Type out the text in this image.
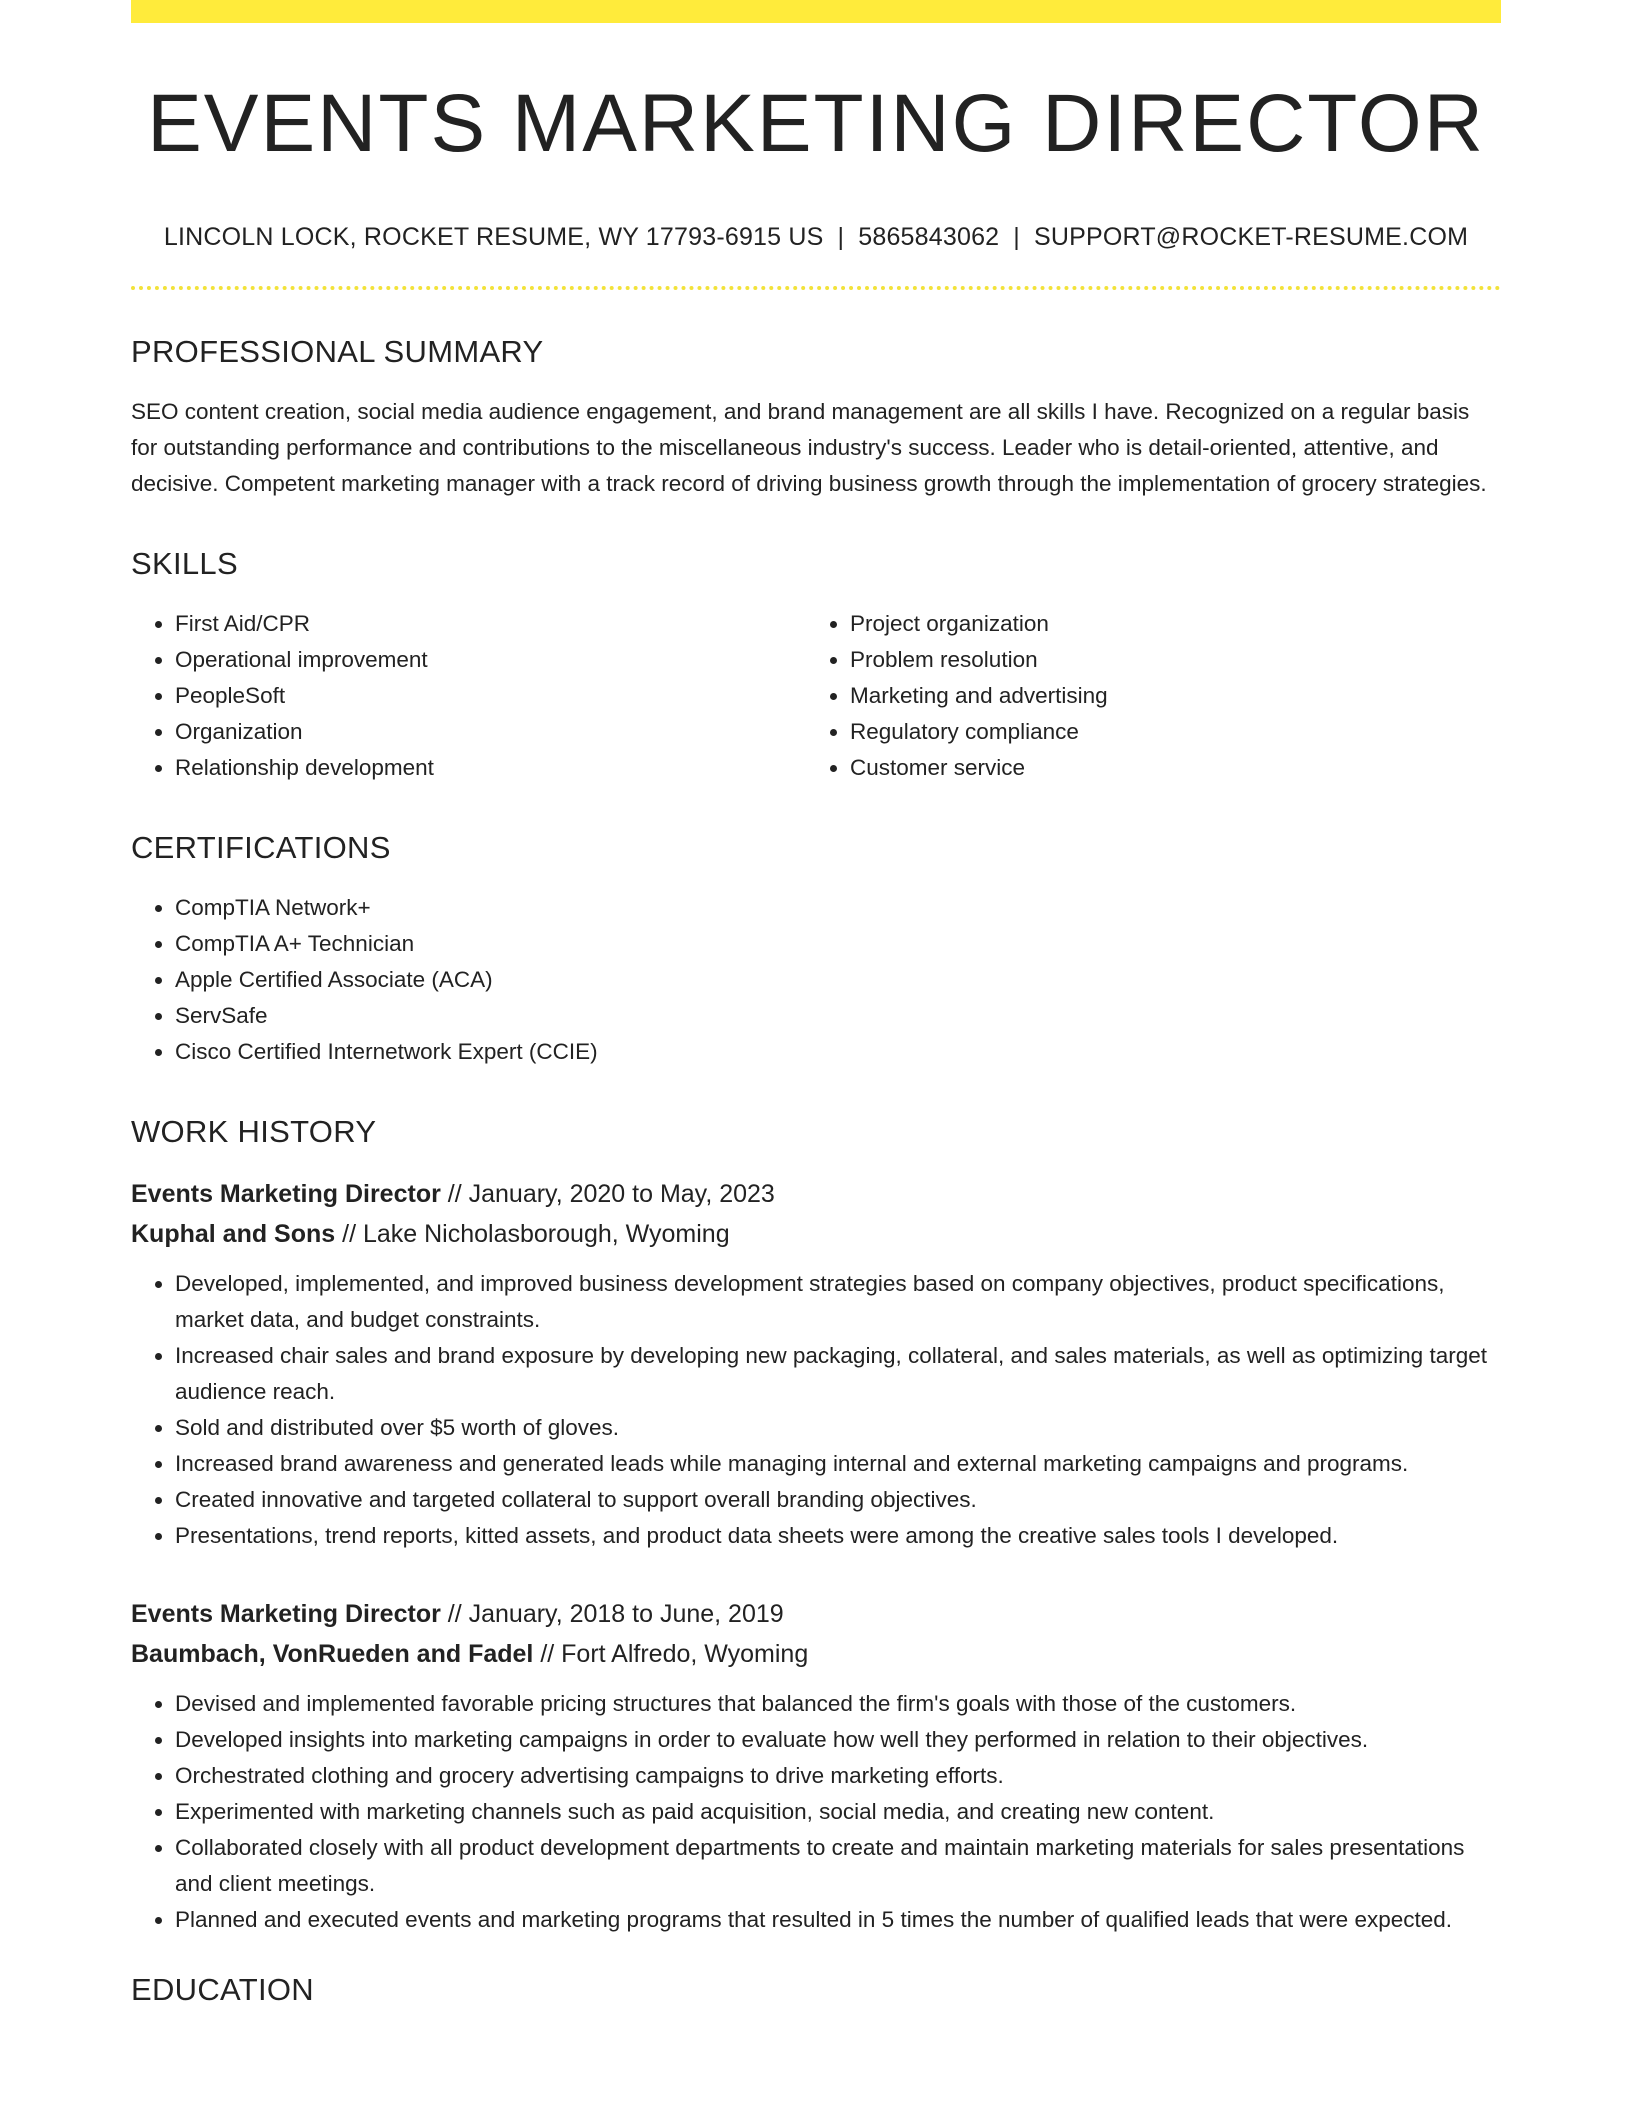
EVENTS MARKETING DIRECTOR
LINCOLN LOCK, ROCKET RESUME, WY 17793-6915 US | 5865843062 | SUPPORT@ROCKET-RESUME.COM
PROFESSIONAL SUMMARY
SEO content creation, social media audience engagement, and brand management are all skills I have. Recognized on a regular basis for outstanding performance and contributions to the miscellaneous industry's success. Leader who is detail-oriented, attentive, and decisive. Competent marketing manager with a track record of driving business growth through the implementation of grocery strategies.
SKILLS
• First Aid/CPR
• Operational improvement
• PeopleSoft
• Organization
• Relationship development
• Project organization
• Problem resolution
• Marketing and advertising
• Regulatory compliance
• Customer service
CERTIFICATIONS
• CompTIA Network+
• CompTIA A+ Technician
• Apple Certified Associate (ACA)
• ServSafe
• Cisco Certified Internetwork Expert (CCIE)
WORK HISTORY
Events Marketing Director // January, 2020 to May, 2023
Kuphal and Sons // Lake Nicholasborough, Wyoming
• Developed, implemented, and improved business development strategies based on company objectives, product specifications, market data, and budget constraints.
• Increased chair sales and brand exposure by developing new packaging, collateral, and sales materials, as well as optimizing target audience reach.
• Sold and distributed over $5 worth of gloves.
• Increased brand awareness and generated leads while managing internal and external marketing campaigns and programs.
• Created innovative and targeted collateral to support overall branding objectives.
• Presentations, trend reports, kitted assets, and product data sheets were among the creative sales tools I developed.
Events Marketing Director // January, 2018 to June, 2019
Baumbach, VonRueden and Fadel // Fort Alfredo, Wyoming
• Devised and implemented favorable pricing structures that balanced the firm's goals with those of the customers.
• Developed insights into marketing campaigns in order to evaluate how well they performed in relation to their objectives.
• Orchestrated clothing and grocery advertising campaigns to drive marketing efforts.
• Experimented with marketing channels such as paid acquisition, social media, and creating new content.
• Collaborated closely with all product development departments to create and maintain marketing materials for sales presentations and client meetings.
• Planned and executed events and marketing programs that resulted in 5 times the number of qualified leads that were expected.
EDUCATION
